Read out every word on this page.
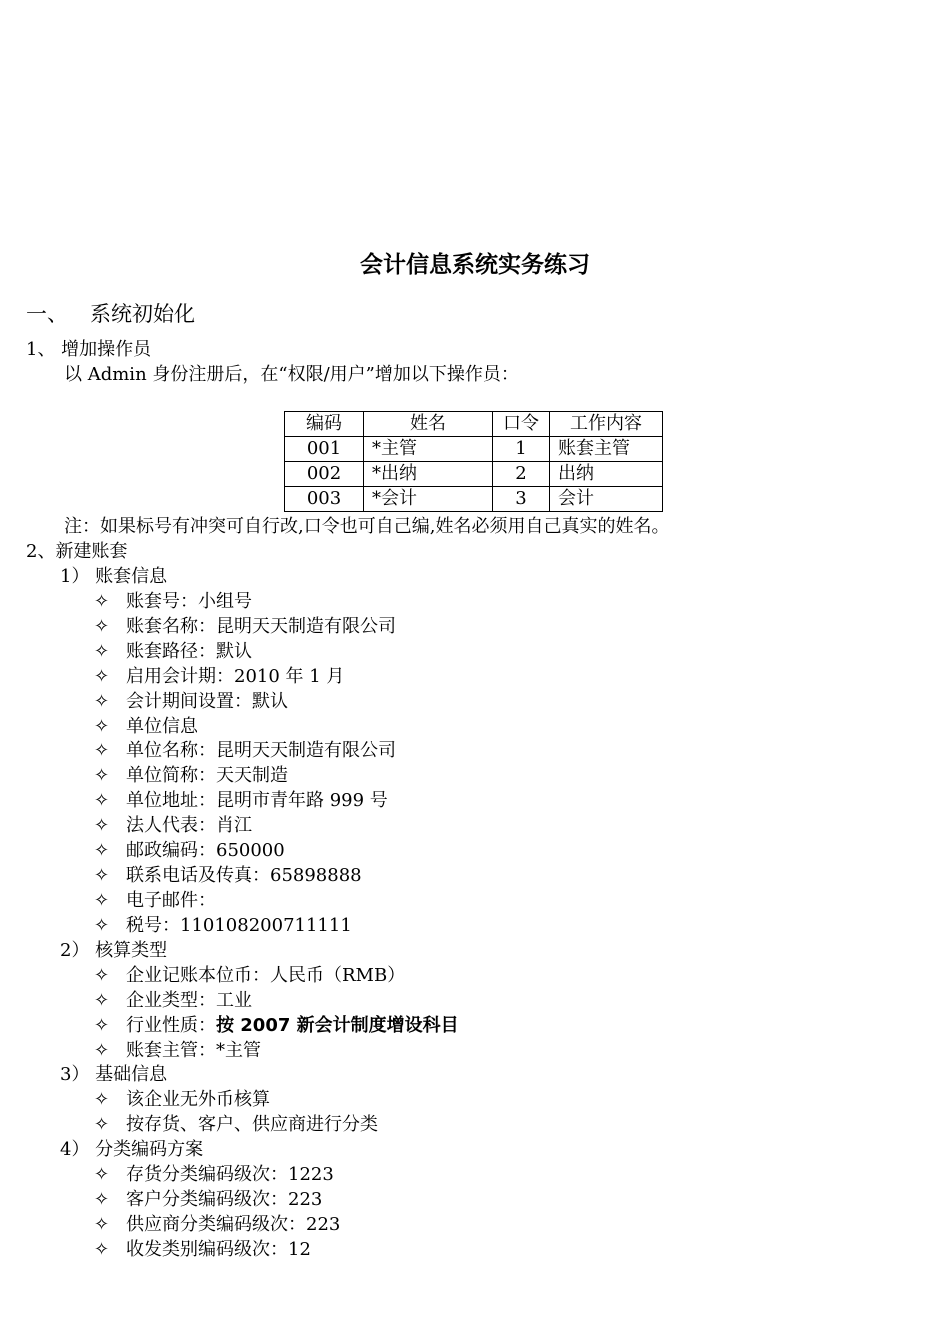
会计信息系统实务练习
一、 系统初始化
1、 增加操作员
以 Admin 身份注册后，在“权限/用户”增加以下操作员：
编码	姓名	口令	工作内容
001	*主管	1	账套主管
002	*出纳	2	出纳
003	*会计	3	会计
注：如果标号有冲突可自行改,口令也可自己编,姓名必须用自己真实的姓名。
2、新建账套
1） 账套信息
✧ 账套号：小组号
✧ 账套名称：昆明天天制造有限公司
✧ 账套路径：默认
✧ 启用会计期：2010 年 1 月
✧ 会计期间设置：默认
✧ 单位信息
✧ 单位名称：昆明天天制造有限公司
✧ 单位简称：天天制造
✧ 单位地址：昆明市青年路 999 号
✧ 法人代表：肖江
✧ 邮政编码：650000
✧ 联系电话及传真：65898888
✧ 电子邮件：
✧ 税号：110108200711111
2） 核算类型
✧ 企业记账本位币：人民币（RMB）
✧ 企业类型：工业
✧ 行业性质：按 2007 新会计制度增设科目
✧ 账套主管：*主管
3） 基础信息
✧ 该企业无外币核算
✧ 按存货、客户、供应商进行分类
4） 分类编码方案
✧ 存货分类编码级次：1223
✧ 客户分类编码级次：223
✧ 供应商分类编码级次：223
✧ 收发类别编码级次：12
